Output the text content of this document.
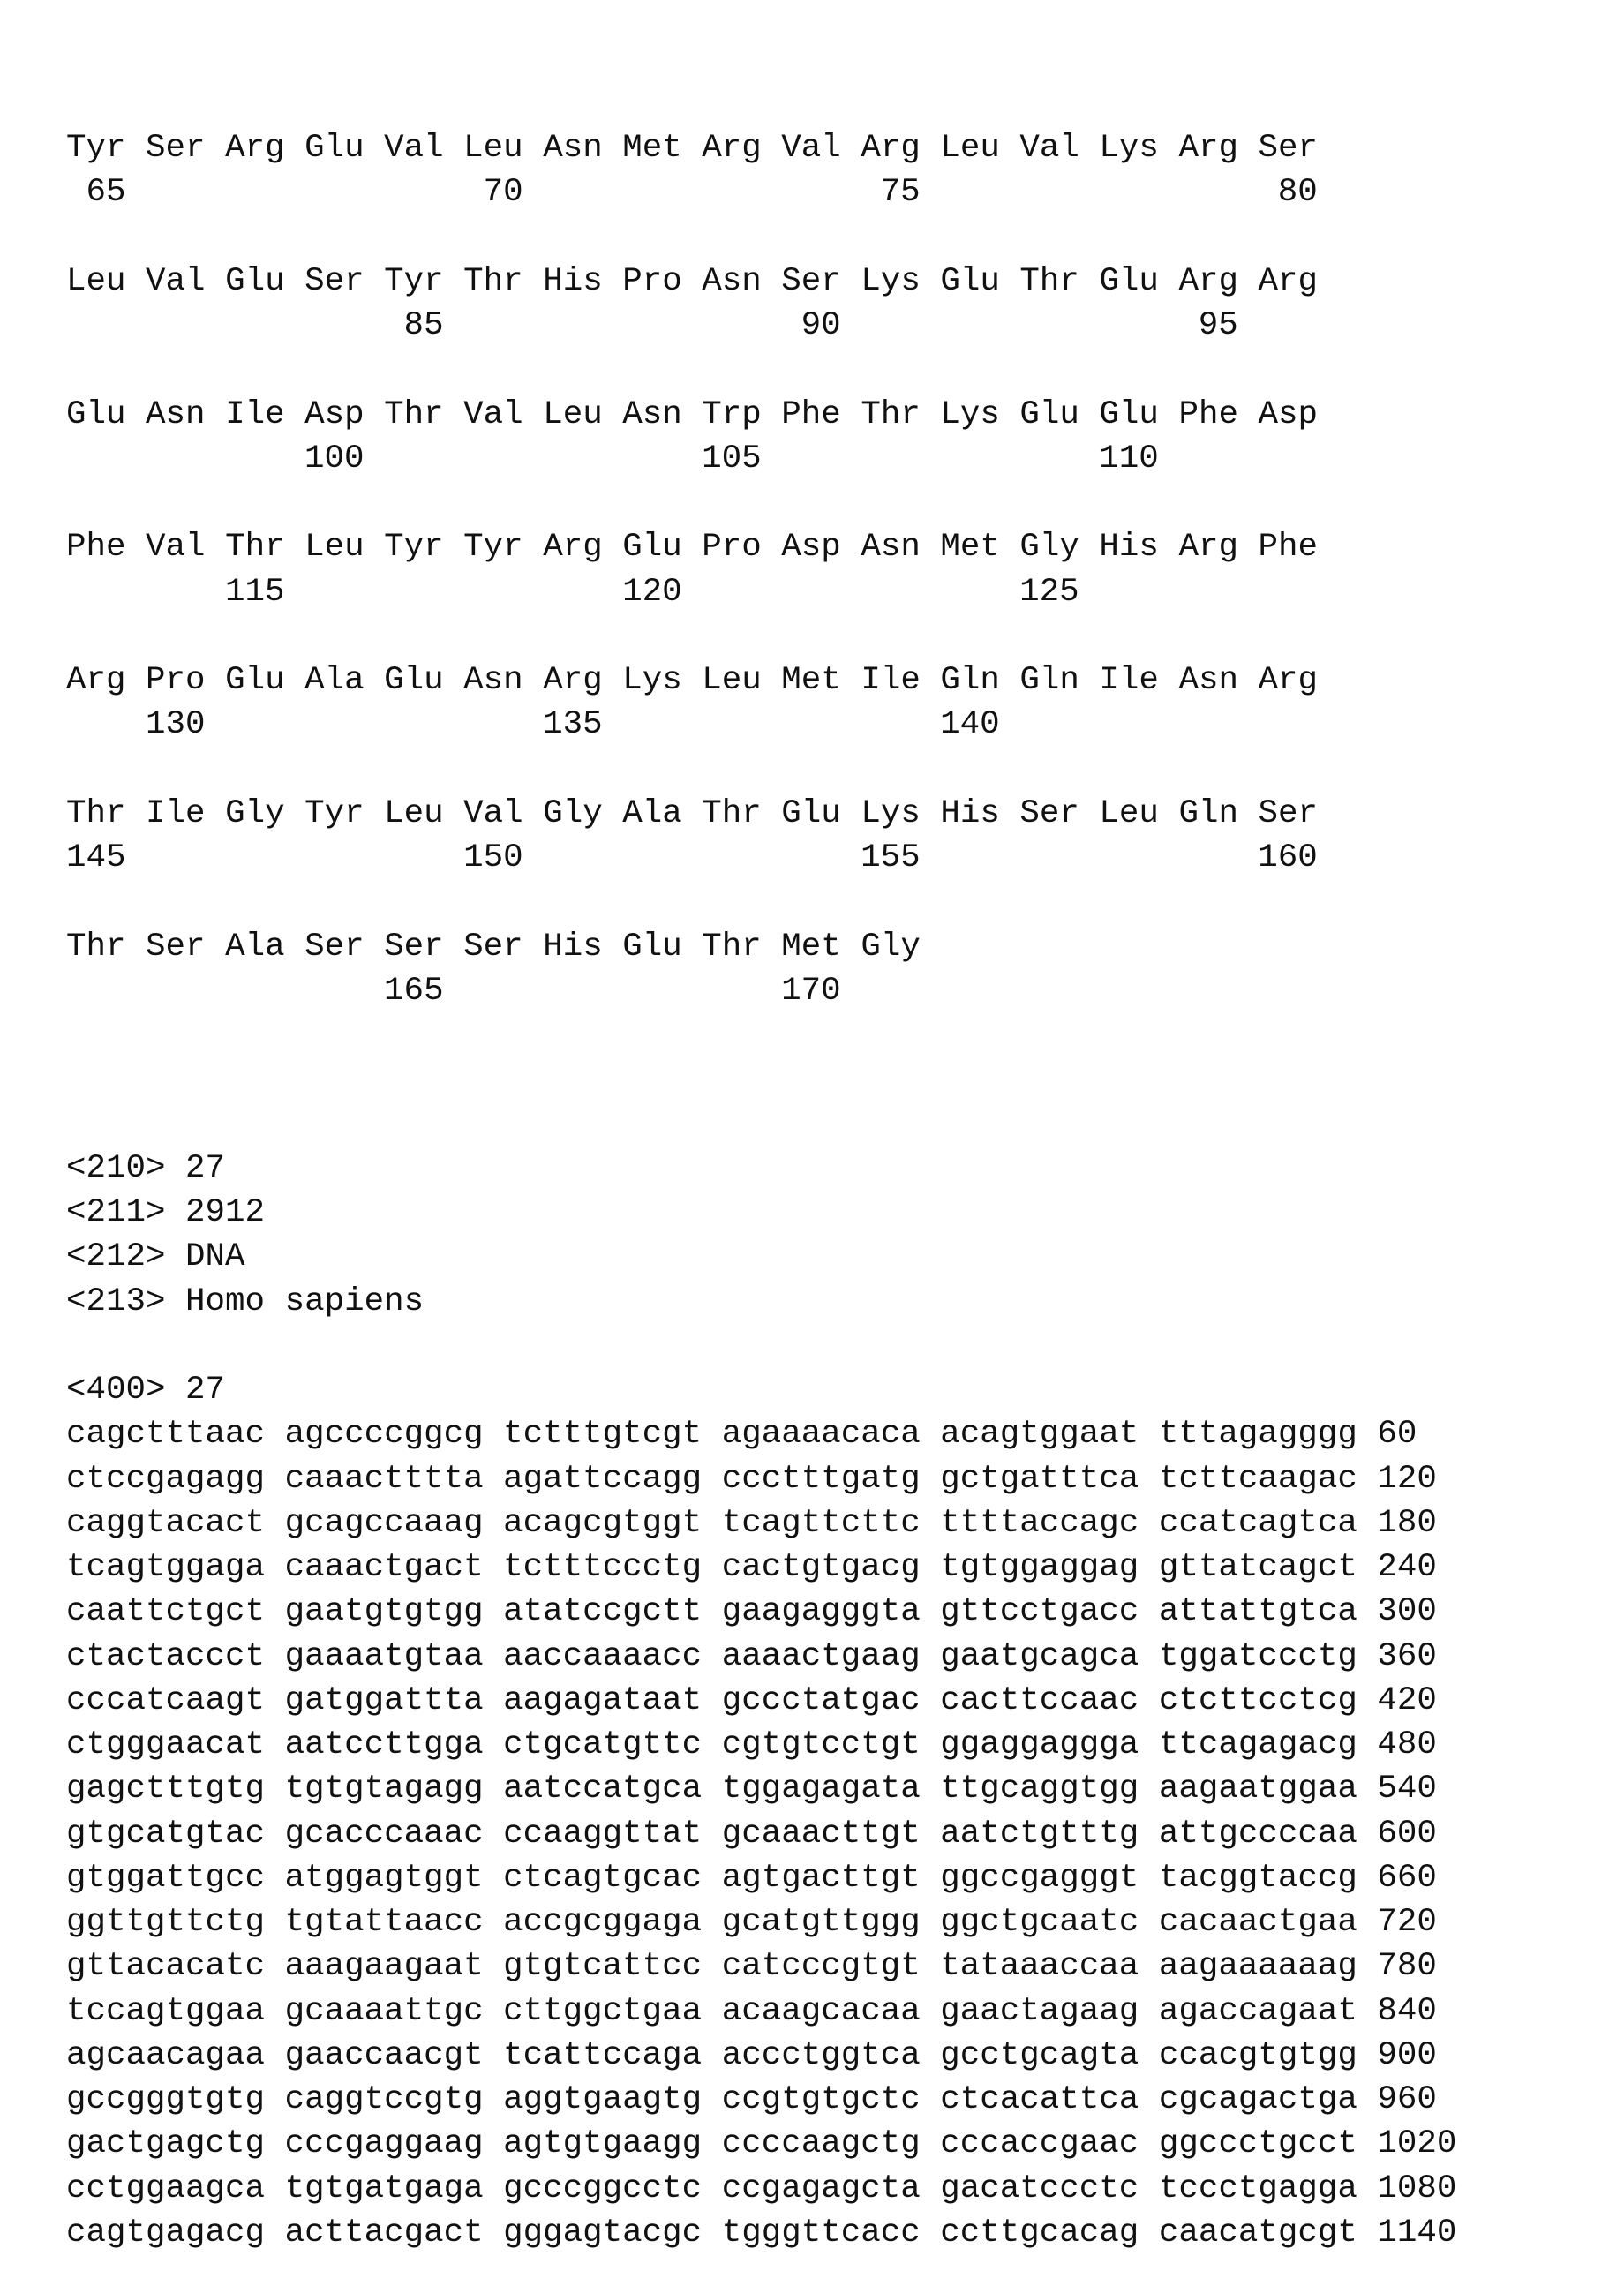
Tyr Ser Arg Glu Val Leu Asn Met Arg Val Arg Leu Val Lys Arg Ser
65                  70                  75                  80
Leu Val Glu Ser Tyr Thr His Pro Asn Ser Lys Glu Thr Glu Arg Arg
85                  90                  95
Glu Asn Ile Asp Thr Val Leu Asn Trp Phe Thr Lys Glu Glu Phe Asp
100                 105                 110
Phe Val Thr Leu Tyr Tyr Arg Glu Pro Asp Asn Met Gly His Arg Phe
115                 120                 125
Arg Pro Glu Ala Glu Asn Arg Lys Leu Met Ile Gln Gln Ile Asn Arg
130                 135                 140
Thr Ile Gly Tyr Leu Val Gly Ala Thr Glu Lys His Ser Leu Gln Ser
145                 150                 155                 160
Thr Ser Ala Ser Ser Ser His Glu Thr Met Gly
165                 170
<210> 27
<211> 2912
<212> DNA
<213> Homo sapiens
<400> 27
cagctttaac agccccggcg tctttgtcgt agaaaacaca acagtggaat tttagagggg 60
ctccgagagg caaactttta agattccagg ccctttgatg gctgatttca tcttcaagac 120
caggtacact gcagccaaag acagcgtggt tcagttcttc ttttaccagc ccatcagtca 180
tcagtggaga caaactgact tctttccctg cactgtgacg tgtggaggag gttatcagct 240
caattctgct gaatgtgtgg atatccgctt gaagagggta gttcctgacc attattgtca 300
ctactaccct gaaaatgtaa aaccaaaacc aaaactgaag gaatgcagca tggatccctg 360
cccatcaagt gatggattta aagagataat gccctatgac cacttccaac ctcttcctcg 420
ctgggaacat aatccttgga ctgcatgttc cgtgtcctgt ggaggaggga ttcagagacg 480
gagctttgtg tgtgtagagg aatccatgca tggagagata ttgcaggtgg aagaatggaa 540
gtgcatgtac gcacccaaac ccaaggttat gcaaacttgt aatctgtttg attgccccaa 600
gtggattgcc atggagtggt ctcagtgcac agtgacttgt ggccgagggt tacggtaccg 660
ggttgttctg tgtattaacc accgcggaga gcatgttggg ggctgcaatc cacaactgaa 720
gttacacatc aaagaagaat gtgtcattcc catcccgtgt tataaaccaa aagaaaaaag 780
tccagtggaa gcaaaattgc cttggctgaa acaagcacaa gaactagaag agaccagaat 840
agcaacagaa gaaccaacgt tcattccaga accctggtca gcctgcagta ccacgtgtgg 900
gccgggtgtg caggtccgtg aggtgaagtg ccgtgtgctc ctcacattca cgcagactga 960
gactgagctg cccgaggaag agtgtgaagg ccccaagctg cccaccgaac ggccctgcct 1020
cctggaagca tgtgatgaga gcccggcctc ccgagagcta gacatccctc tccctgagga 1080
cagtgagacg acttacgact gggagtacgc tgggttcacc ccttgcacag caacatgcgt 1140
